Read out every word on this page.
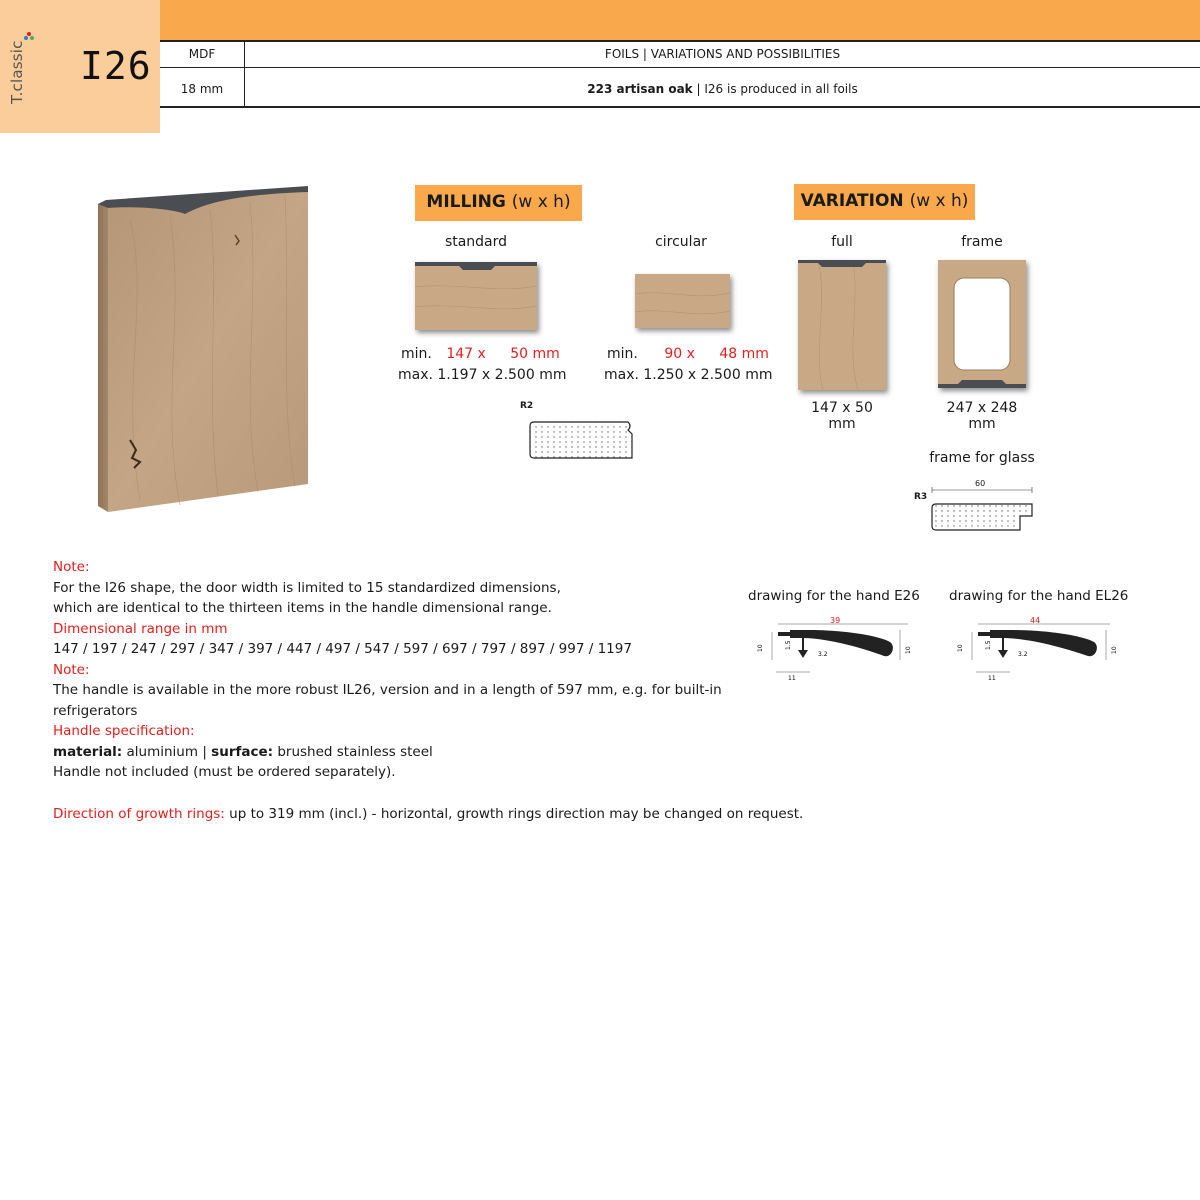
T.classic I26	MDF	FOILS | VARIATIONS AND POSSIBILITIES
18 mm	223 artisan oak | I26 is produced in all foils
MILLING (w x h)
standard	circular
min. 147 x 50 mm
max. 1.197 x 2.500 mm
min. 90 x 48 mm
max. 1.250 x 2.500 mm
R2
VARIATION (w x h)
full	frame
147 x 50 mm
247 x 248 mm
frame for glass
R3
60
Note:
For the I26 shape, the door width is limited to 15 standardized dimensions,
which are identical to the thirteen items in the handle dimensional range.
Dimensional range in mm
147 / 197 / 247 / 297 / 347 / 397 / 447 / 497 / 547 / 597 / 697 / 797 / 897 / 997 / 1197
Note:
The handle is available in the more robust IL26, version and in a length of 597 mm, e.g. for built-in refrigerators
Handle specification:
material: aluminium | surface: brushed stainless steel
Handle not included (must be ordered separately).
Direction of growth rings: up to 319 mm (incl.) - horizontal, growth rings direction may be changed on request.
drawing for the hand E26 drawing for the hand EL26
39
10	1.5
3.2
11
10
44
10	1.5
3.2
11
10
